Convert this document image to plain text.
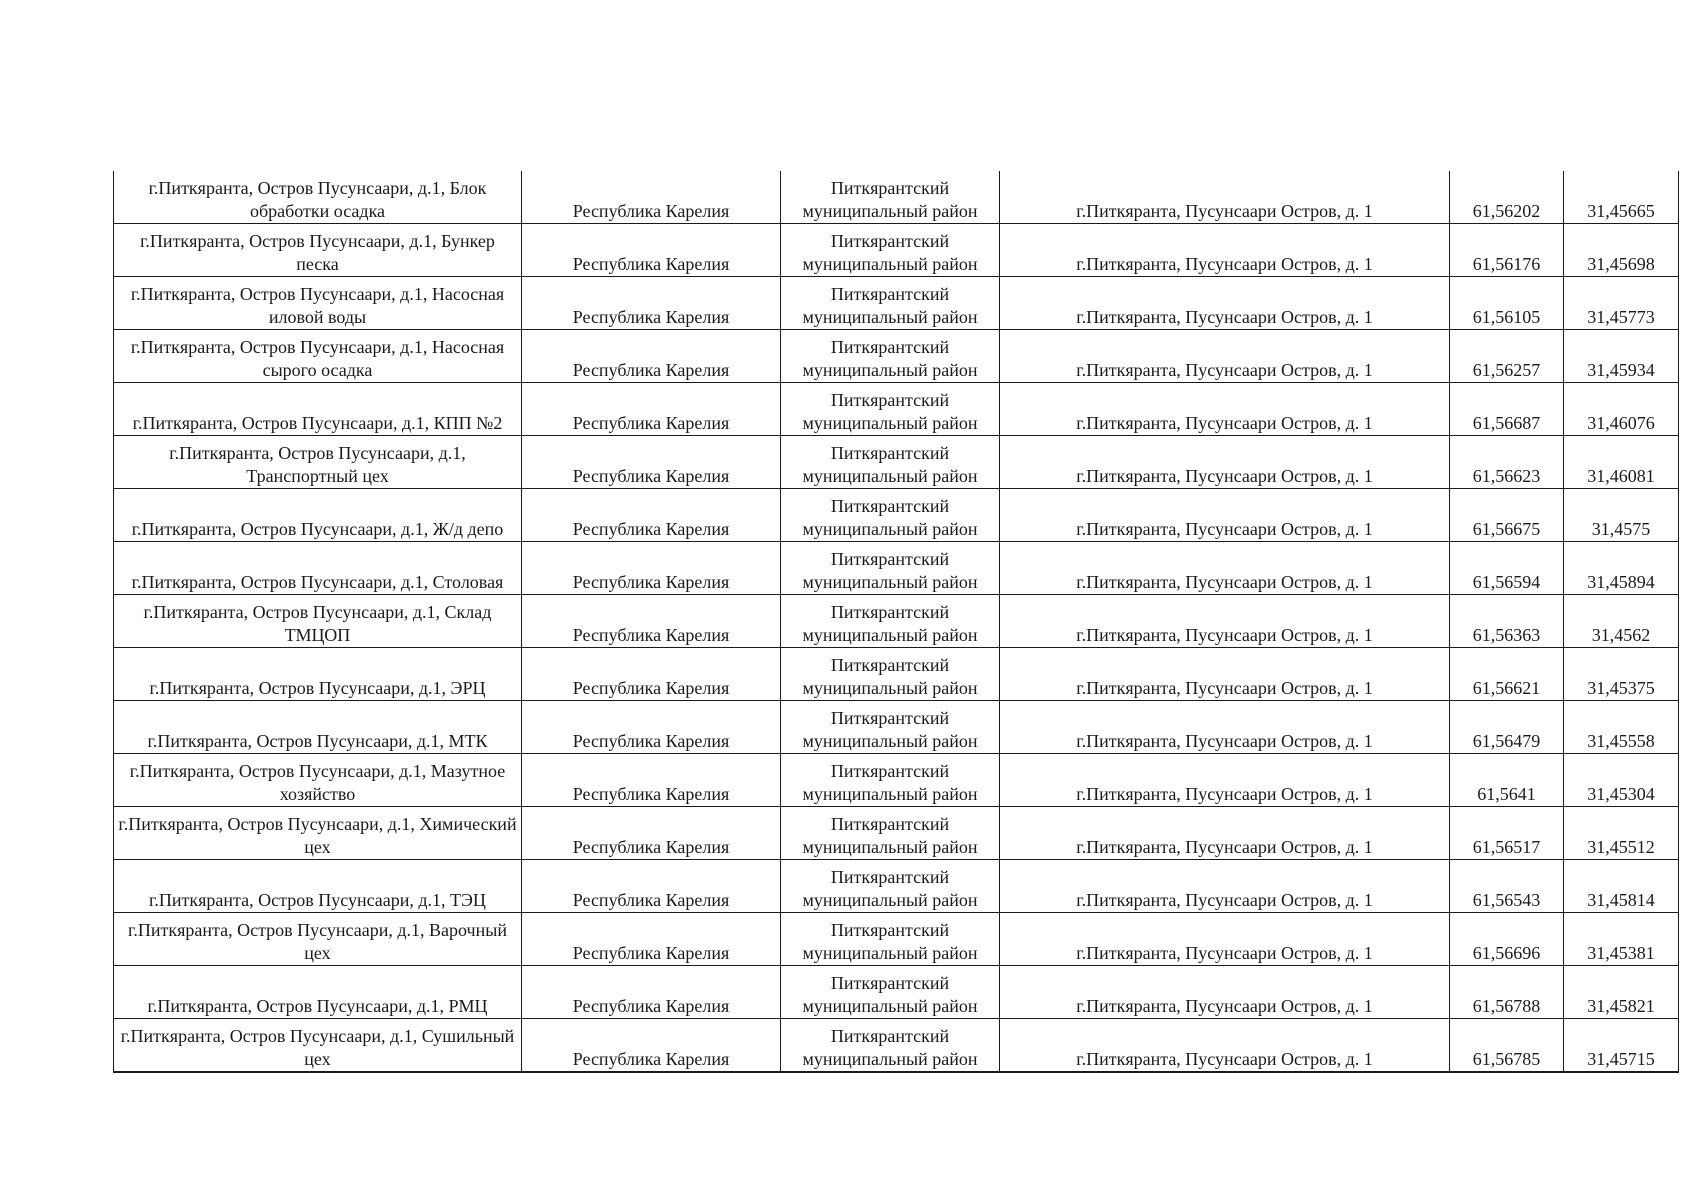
г.Питкяранта, Остров Пусунсаари, д.1, Блок обработки осадка	Республика Карелия	Питкярантский муниципальный район	г.Питкяранта, Пусунсаари Остров, д. 1	61,56202	31,45665
г.Питкяранта, Остров Пусунсаари, д.1, Бункер песка	Республика Карелия	Питкярантский муниципальный район	г.Питкяранта, Пусунсаари Остров, д. 1	61,56176	31,45698
г.Питкяранта, Остров Пусунсаари, д.1, Насосная иловой воды	Республика Карелия	Питкярантский муниципальный район	г.Питкяранта, Пусунсаари Остров, д. 1	61,56105	31,45773
г.Питкяранта, Остров Пусунсаари, д.1, Насосная сырого осадка	Республика Карелия	Питкярантский муниципальный район	г.Питкяранта, Пусунсаари Остров, д. 1	61,56257	31,45934
г.Питкяранта, Остров Пусунсаари, д.1, КПП №2	Республика Карелия	Питкярантский муниципальный район	г.Питкяранта, Пусунсаари Остров, д. 1	61,56687	31,46076
г.Питкяранта, Остров Пусунсаари, д.1, Транспортный цех	Республика Карелия	Питкярантский муниципальный район	г.Питкяранта, Пусунсаари Остров, д. 1	61,56623	31,46081
г.Питкяранта, Остров Пусунсаари, д.1, Ж/д депо	Республика Карелия	Питкярантский муниципальный район	г.Питкяранта, Пусунсаари Остров, д. 1	61,56675	31,4575
г.Питкяранта, Остров Пусунсаари, д.1, Столовая	Республика Карелия	Питкярантский муниципальный район	г.Питкяранта, Пусунсаари Остров, д. 1	61,56594	31,45894
г.Питкяранта, Остров Пусунсаари, д.1, Склад ТМЦОП	Республика Карелия	Питкярантский муниципальный район	г.Питкяранта, Пусунсаари Остров, д. 1	61,56363	31,4562
г.Питкяранта, Остров Пусунсаари, д.1, ЭРЦ	Республика Карелия	Питкярантский муниципальный район	г.Питкяранта, Пусунсаари Остров, д. 1	61,56621	31,45375
г.Питкяранта, Остров Пусунсаари, д.1, МТК	Республика Карелия	Питкярантский муниципальный район	г.Питкяранта, Пусунсаари Остров, д. 1	61,56479	31,45558
г.Питкяранта, Остров Пусунсаари, д.1, Мазутное хозяйство	Республика Карелия	Питкярантский муниципальный район	г.Питкяранта, Пусунсаари Остров, д. 1	61,5641	31,45304
г.Питкяранта, Остров Пусунсаари, д.1, Химический цех	Республика Карелия	Питкярантский муниципальный район	г.Питкяранта, Пусунсаари Остров, д. 1	61,56517	31,45512
г.Питкяранта, Остров Пусунсаари, д.1, ТЭЦ	Республика Карелия	Питкярантский муниципальный район	г.Питкяранта, Пусунсаари Остров, д. 1	61,56543	31,45814
г.Питкяранта, Остров Пусунсаари, д.1, Варочный цех	Республика Карелия	Питкярантский муниципальный район	г.Питкяранта, Пусунсаари Остров, д. 1	61,56696	31,45381
г.Питкяранта, Остров Пусунсаари, д.1, РМЦ	Республика Карелия	Питкярантский муниципальный район	г.Питкяранта, Пусунсаари Остров, д. 1	61,56788	31,45821
г.Питкяранта, Остров Пусунсаари, д.1, Сушильный цех	Республика Карелия	Питкярантский муниципальный район	г.Питкяранта, Пусунсаари Остров, д. 1	61,56785	31,45715
